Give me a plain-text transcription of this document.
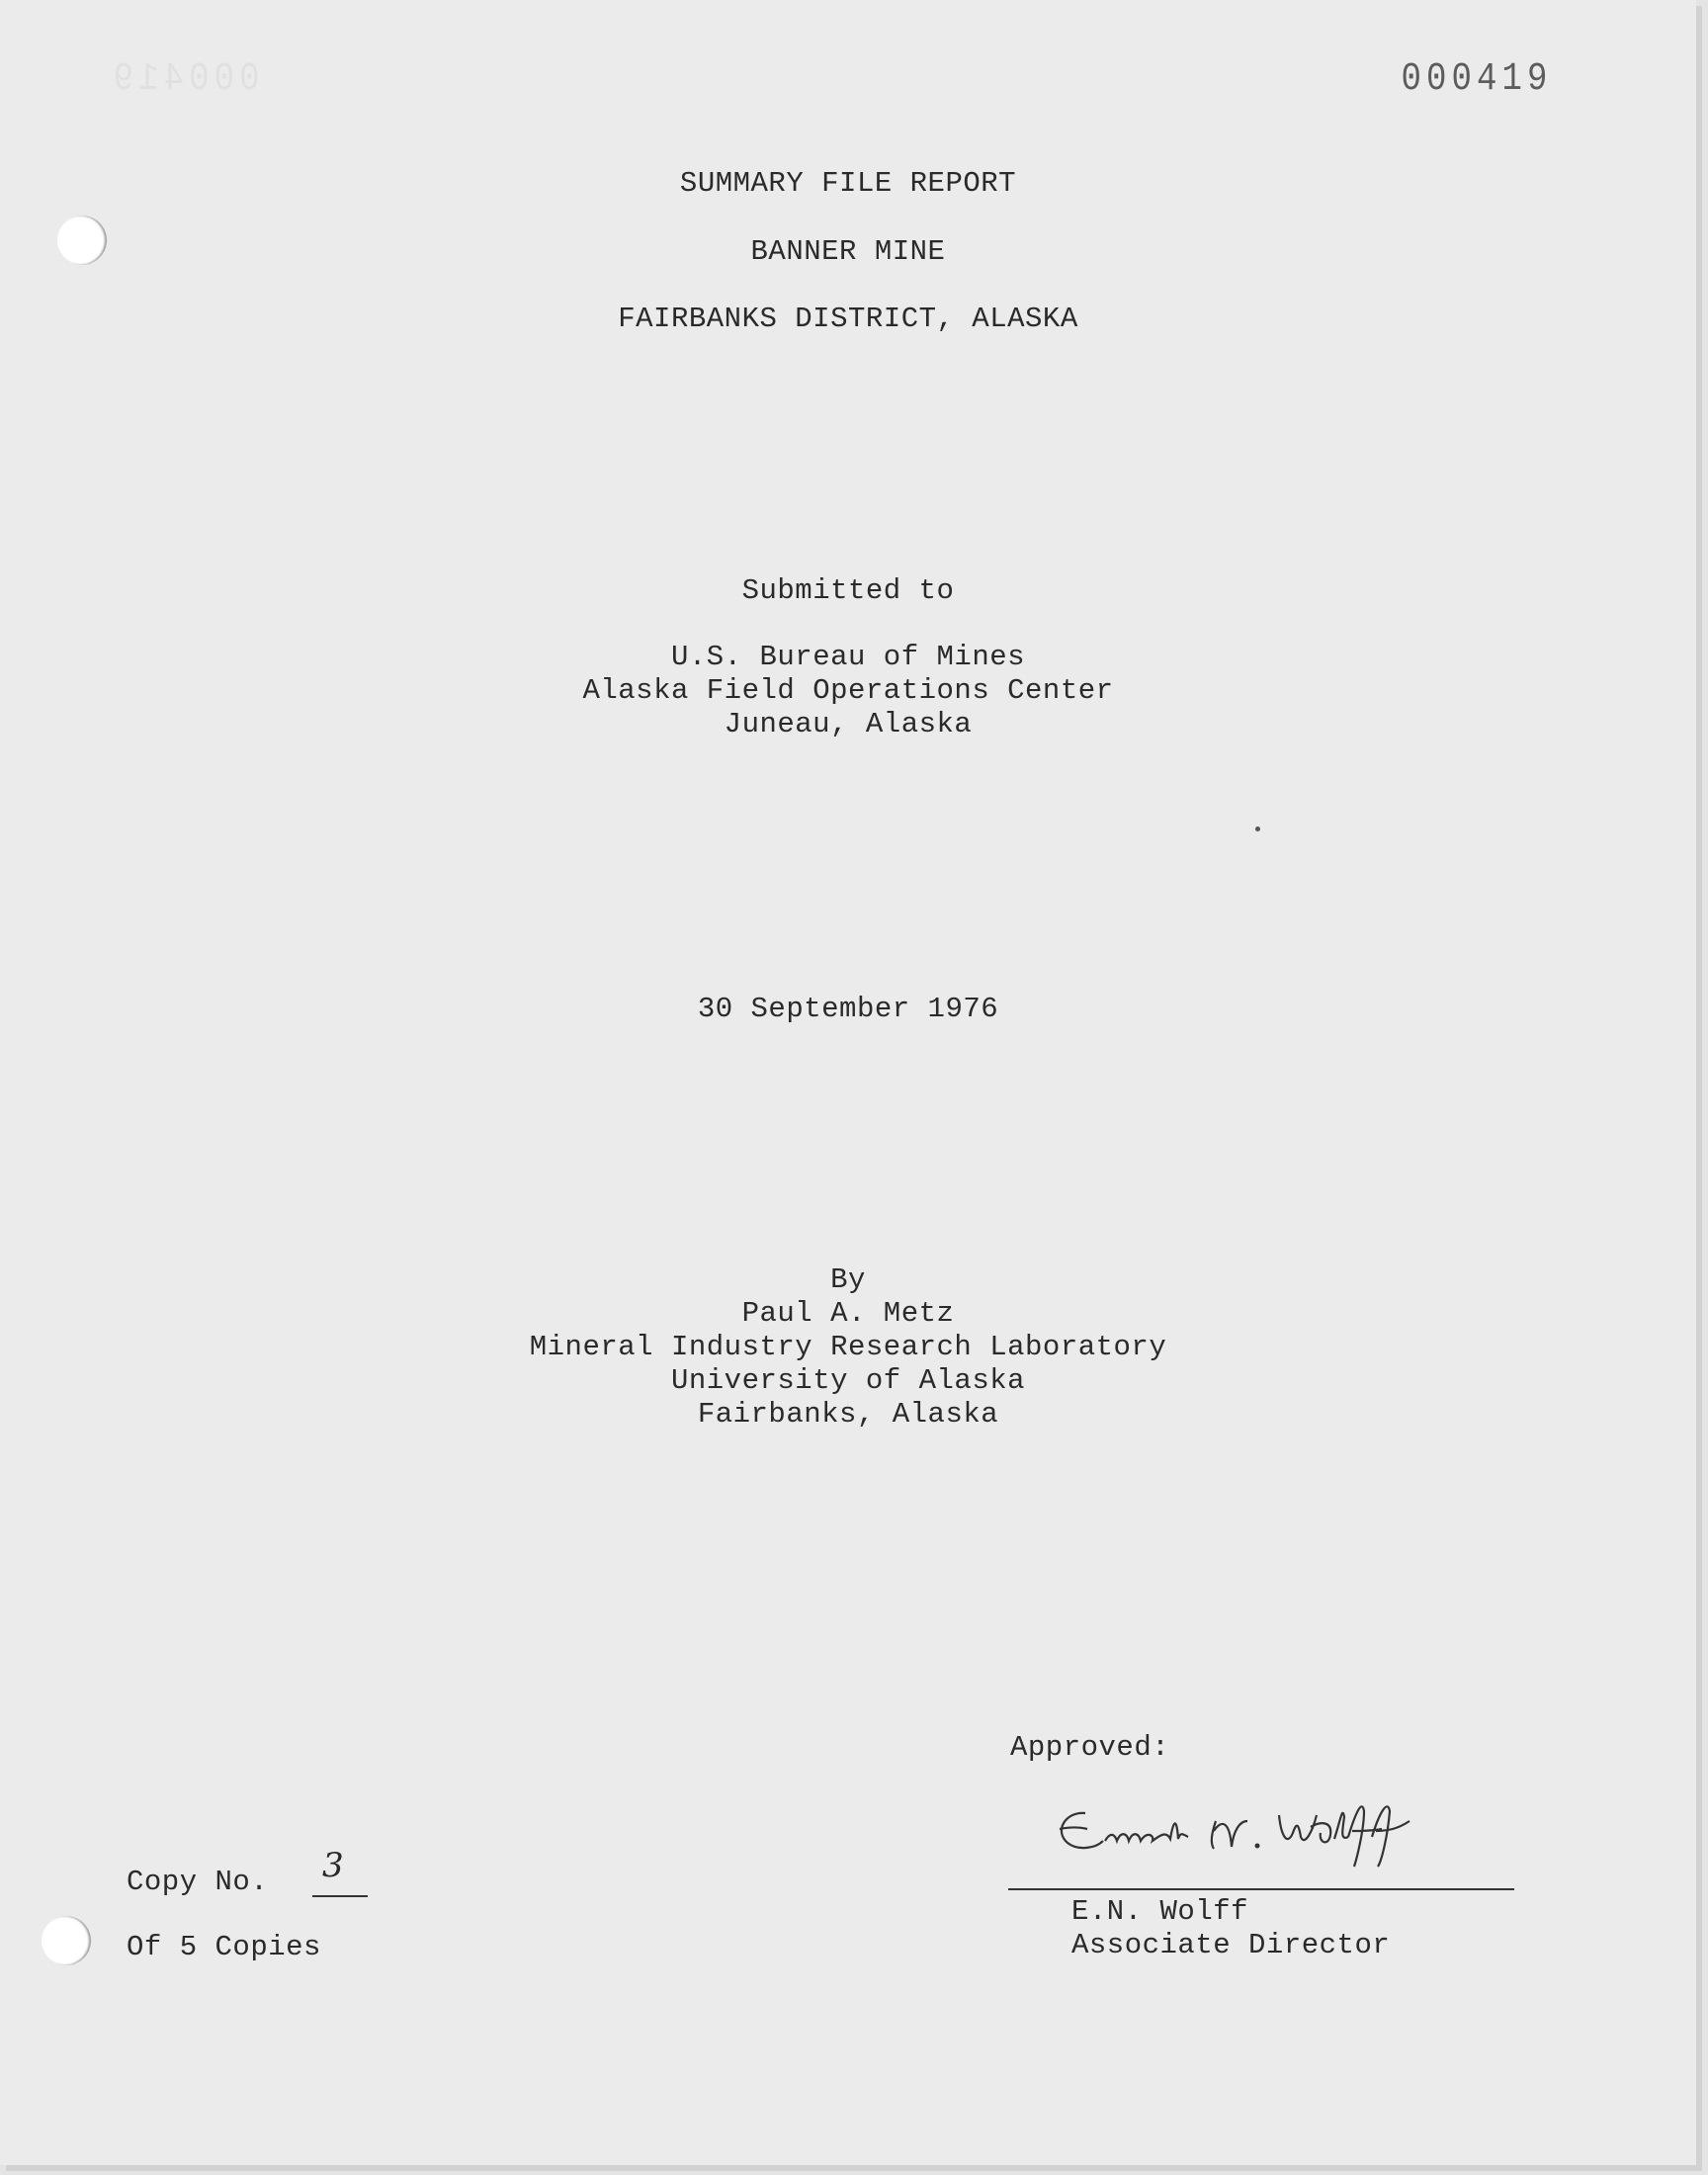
000419	000419
SUMMARY FILE REPORT
BANNER MINE
FAIRBANKS DISTRICT, ALASKA
Submitted to
U.S. Bureau of Mines
Alaska Field Operations Center
Juneau, Alaska
30 September 1976
By
Paul A. Metz
Mineral Industry Research Laboratory
University of Alaska
Fairbanks, Alaska
Approved:
E.N. Wolff
Associate Director
Copy No. 3
Of 5 Copies
